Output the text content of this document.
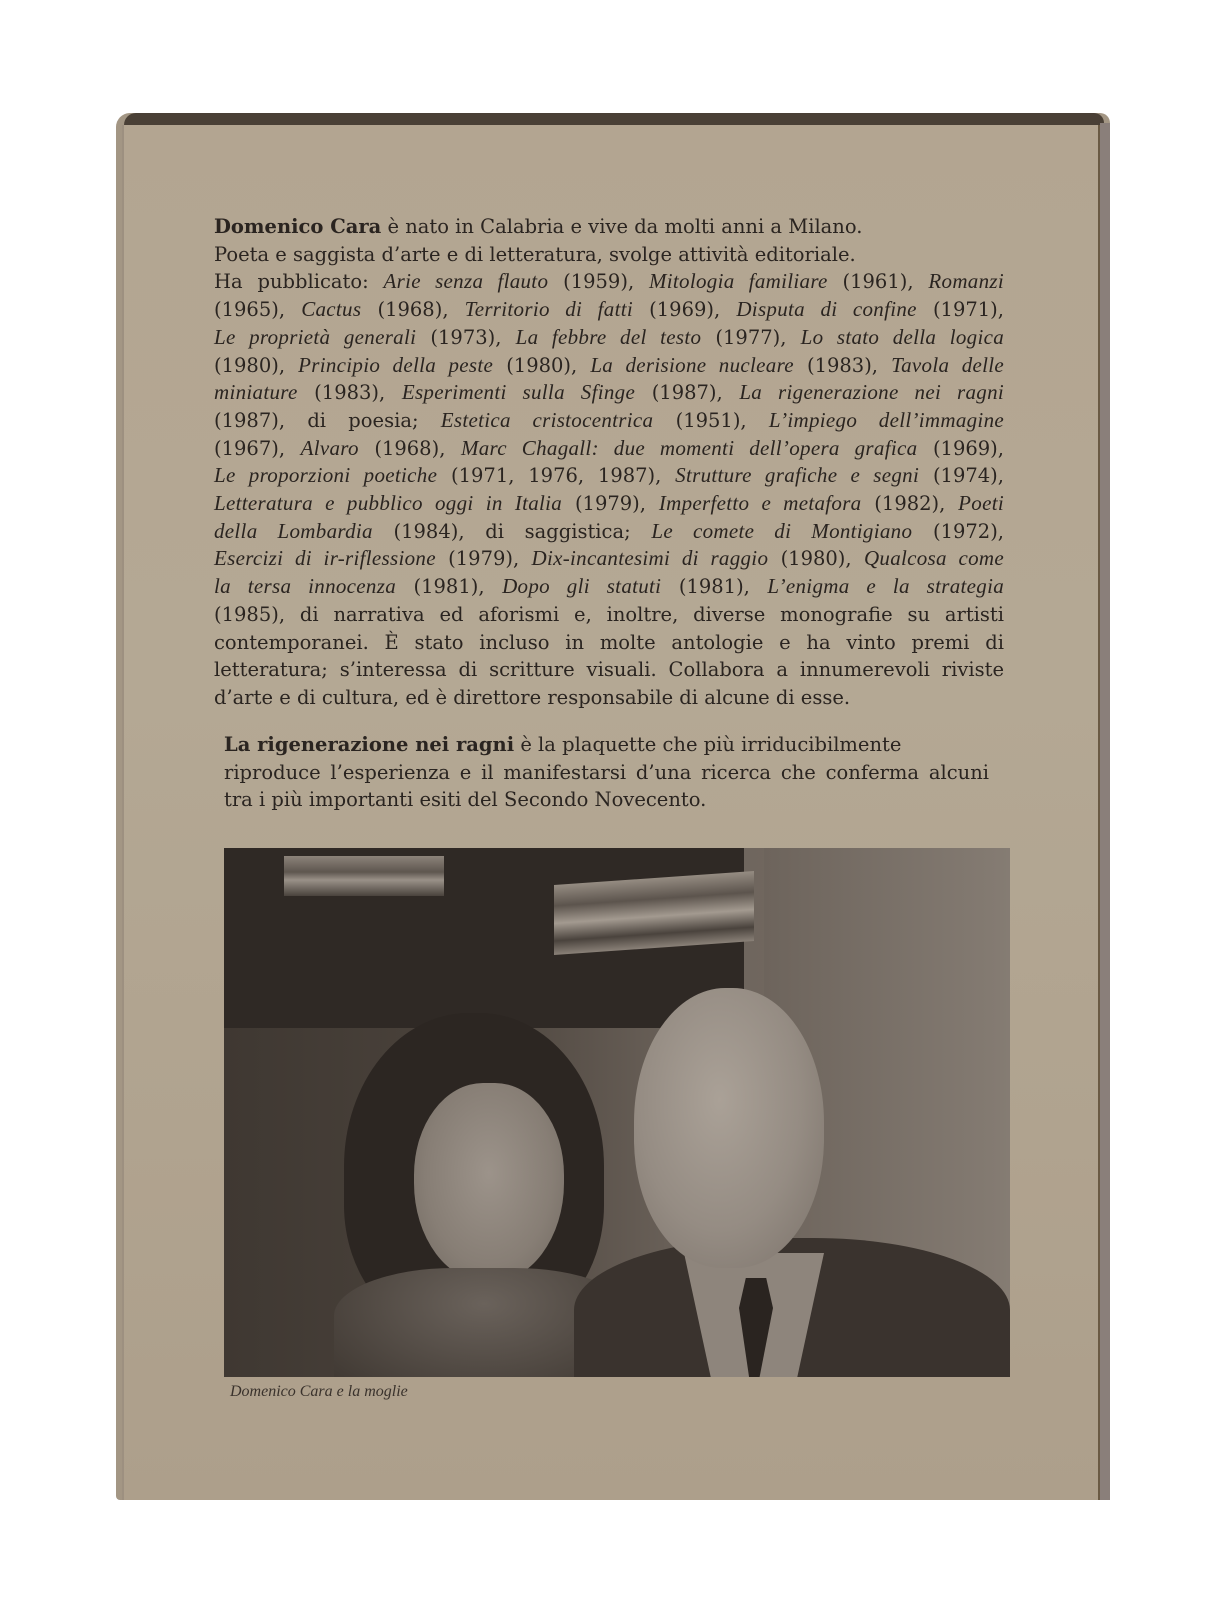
Domenico Cara è nato in Calabria e vive da molti anni a Milano.
Poeta e saggista d’arte e di letteratura, svolge attività editoriale.
Ha pubblicato: Arie senza flauto (1959), Mitologia familiare (1961), Romanzi
(1965), Cactus (1968), Territorio di fatti (1969), Disputa di confine (1971),
Le proprietà generali (1973), La febbre del testo (1977), Lo stato della logica
(1980), Principio della peste (1980), La derisione nucleare (1983), Tavola delle
miniature (1983), Esperimenti sulla Sfinge (1987), La rigenerazione nei ragni
(1987), di poesia; Estetica cristocentrica (1951), L’impiego dell’immagine
(1967), Alvaro (1968), Marc Chagall: due momenti dell’opera grafica (1969),
Le proporzioni poetiche (1971, 1976, 1987), Strutture grafiche e segni (1974),
Letteratura e pubblico oggi in Italia (1979), Imperfetto e metafora (1982), Poeti
della Lombardia (1984), di saggistica; Le comete di Montigiano (1972),
Esercizi di ir-riflessione (1979), Dix-incantesimi di raggio (1980), Qualcosa come
la tersa innocenza (1981), Dopo gli statuti (1981), L’enigma e la strategia
(1985), di narrativa ed aforismi e, inoltre, diverse monografie su artisti
contemporanei. È stato incluso in molte antologie e ha vinto premi di
letteratura; s’interessa di scritture visuali. Collabora a innumerevoli riviste
d’arte e di cultura, ed è direttore responsabile di alcune di esse.
La rigenerazione nei ragni è la plaquette che più irriducibilmente
riproduce l’esperienza e il manifestarsi d’una ricerca che conferma alcuni
tra i più importanti esiti del Secondo Novecento.
Domenico Cara e la moglie
